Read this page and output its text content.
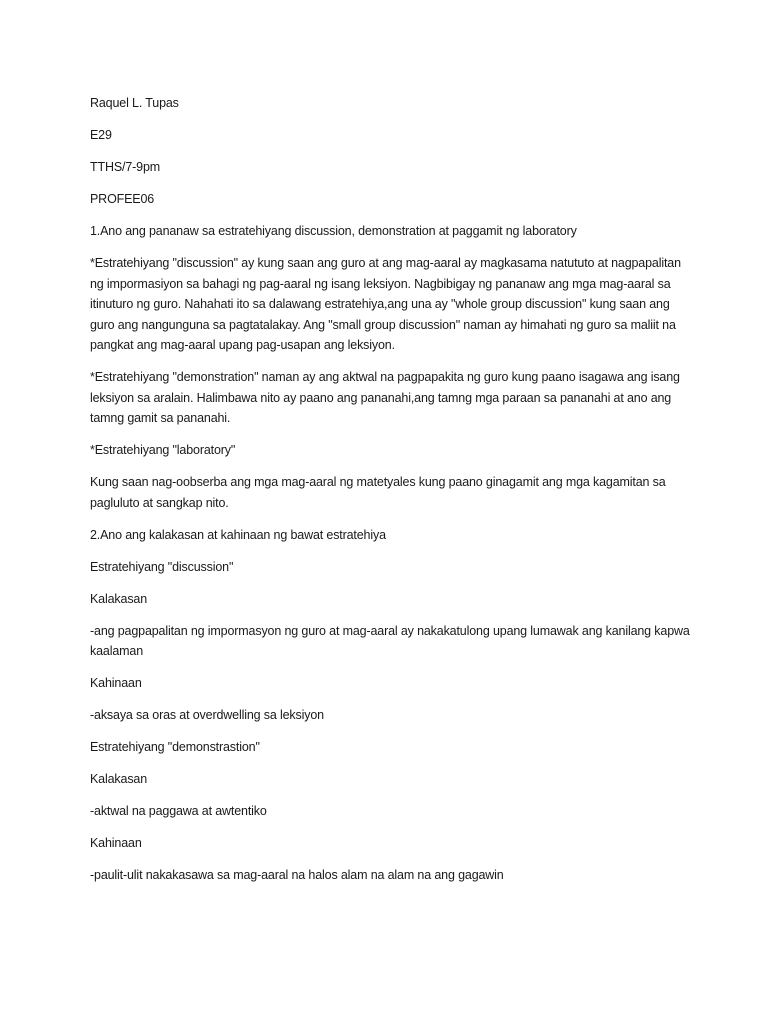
Raquel L. Tupas

E29

TTHS/7-9pm

PROFEE06

1.Ano ang pananaw sa estratehiyang discussion, demonstration at paggamit ng laboratory

*Estratehiyang "discussion" ay kung saan ang guro at ang mag-aaral ay magkasama natututo at nagpapalitan ng impormasiyon sa bahagi ng pag-aaral ng isang leksiyon. Nagbibigay ng pananaw ang mga mag-aaral sa itinuturo ng guro. Nahahati ito sa dalawang estratehiya,ang una ay "whole group discussion" kung saan ang guro ang nangunguna sa pagtatalakay. Ang "small group discussion" naman ay himahati ng guro sa maliit na pangkat ang mag-aaral upang pag-usapan ang leksiyon.

*Estratehiyang "demonstration" naman ay ang aktwal na pagpapakita ng guro kung paano isagawa ang isang leksiyon sa aralain. Halimbawa nito ay paano ang pananahi,ang tamng mga paraan sa pananahi at ano ang tamng gamit sa pananahi.

*Estratehiyang "laboratory"

Kung saan nag-oobserba ang mga mag-aaral ng matetyales kung paano ginagamit ang mga kagamitan sa pagluluto at sangkap nito.

2.Ano ang kalakasan at kahinaan ng bawat estratehiya

Estratehiyang "discussion"

Kalakasan

-ang pagpapalitan ng impormasyon ng guro at mag-aaral ay nakakatulong upang lumawak ang kanilang kapwa kaalaman

Kahinaan

-aksaya sa oras at overdwelling sa leksiyon

Estratehiyang "demonstrastion"

Kalakasan

-aktwal na paggawa at awtentiko

Kahinaan

-paulit-ulit nakakasawa sa mag-aaral na halos alam na alam na ang gagawin
